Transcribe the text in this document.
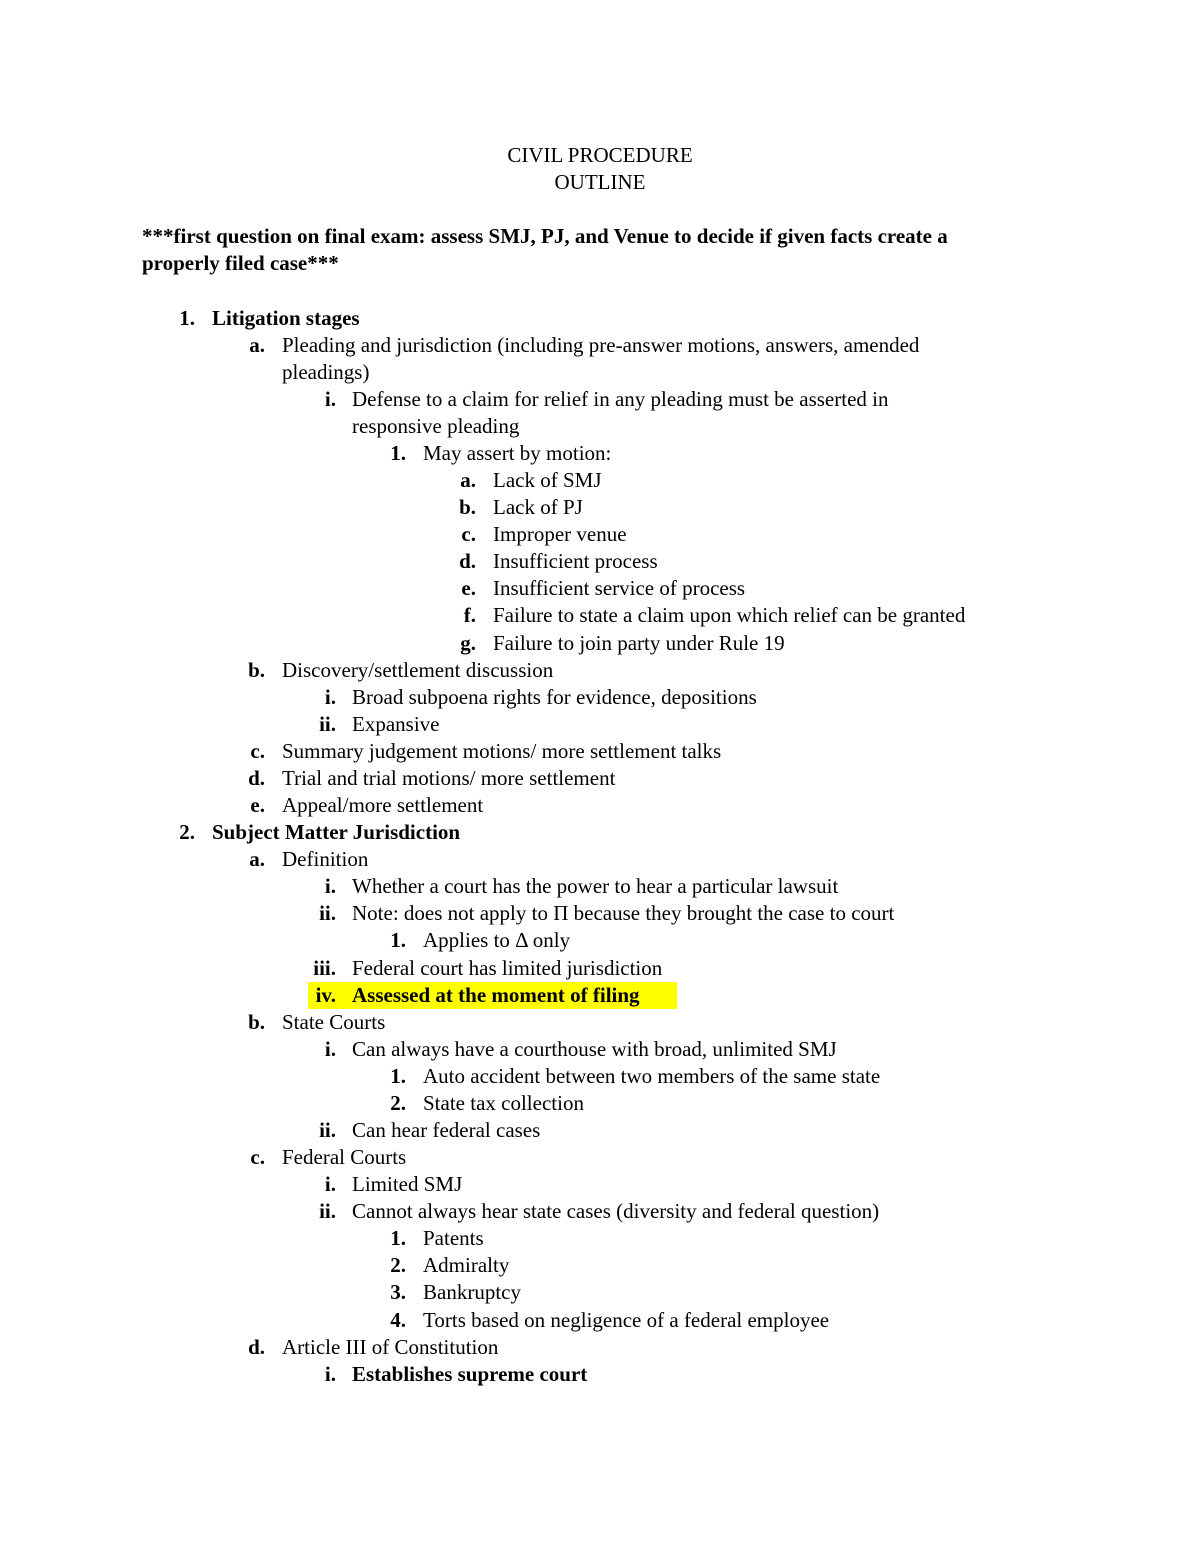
CIVIL PROCEDURE
OUTLINE
***first question on final exam: assess SMJ, PJ, and Venue to decide if given facts create a
properly filed case***
1. Litigation stages
a. Pleading and jurisdiction (including pre-answer motions, answers, amended
pleadings)
i. Defense to a claim for relief in any pleading must be asserted in
responsive pleading
1. May assert by motion:
a. Lack of SMJ
b. Lack of PJ
c. Improper venue
d. Insufficient process
e. Insufficient service of process
f. Failure to state a claim upon which relief can be granted
g. Failure to join party under Rule 19
b. Discovery/settlement discussion
i. Broad subpoena rights for evidence, depositions
ii. Expansive
c. Summary judgement motions/ more settlement talks
d. Trial and trial motions/ more settlement
e. Appeal/more settlement
2. Subject Matter Jurisdiction
a. Definition
i. Whether a court has the power to hear a particular lawsuit
ii. Note: does not apply to Π because they brought the case to court
1. Applies to Δ only
iii. Federal court has limited jurisdiction
iv. Assessed at the moment of filing
b. State Courts
i. Can always have a courthouse with broad, unlimited SMJ
1. Auto accident between two members of the same state
2. State tax collection
ii. Can hear federal cases
c. Federal Courts
i. Limited SMJ
ii. Cannot always hear state cases (diversity and federal question)
1. Patents
2. Admiralty
3. Bankruptcy
4. Torts based on negligence of a federal employee
d. Article III of Constitution
i. Establishes supreme court
